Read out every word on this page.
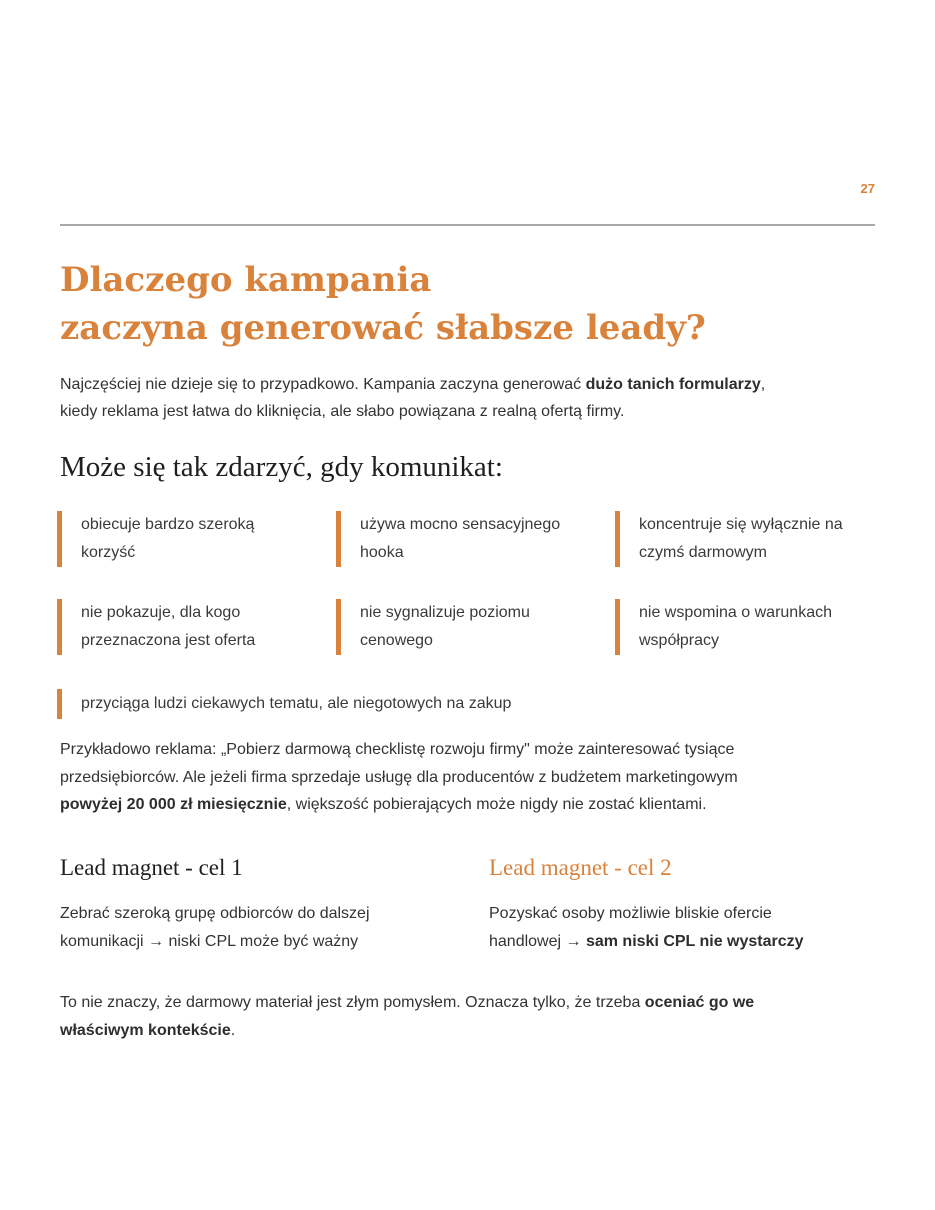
27
Dlaczego kampania
zaczyna generować słabsze leady?

Najczęściej nie dzieje się to przypadkowo. Kampania zaczyna generować dużo tanich formularzy,
kiedy reklama jest łatwa do kliknięcia, ale słabo powiązana z realną ofertą firmy.

Może się tak zdarzyć, gdy komunikat:
obiecuje bardzo szeroką
korzyść
używa mocno sensacyjnego
hooka
koncentruje się wyłącznie na
czymś darmowym
nie pokazuje, dla kogo
przeznaczona jest oferta
nie sygnalizuje poziomu
cenowego
nie wspomina o warunkach
współpracy
przyciąga ludzi ciekawych tematu, ale niegotowych na zakup

Przykładowo reklama: „Pobierz darmową checklistę rozwoju firmy" może zainteresować tysiące
przedsiębiorców. Ale jeżeli firma sprzedaje usługę dla producentów z budżetem marketingowym
powyżej 20 000 zł miesięcznie, większość pobierających może nigdy nie zostać klientami.

Lead magnet - cel 1

Zebrać szeroką grupę odbiorców do dalszej
komunikacji → niski CPL może być ważny

Lead magnet - cel 2

Pozyskać osoby możliwie bliskie ofercie
handlowej → sam niski CPL nie wystarczy

To nie znaczy, że darmowy materiał jest złym pomysłem. Oznacza tylko, że trzeba oceniać go we
właściwym kontekście.
